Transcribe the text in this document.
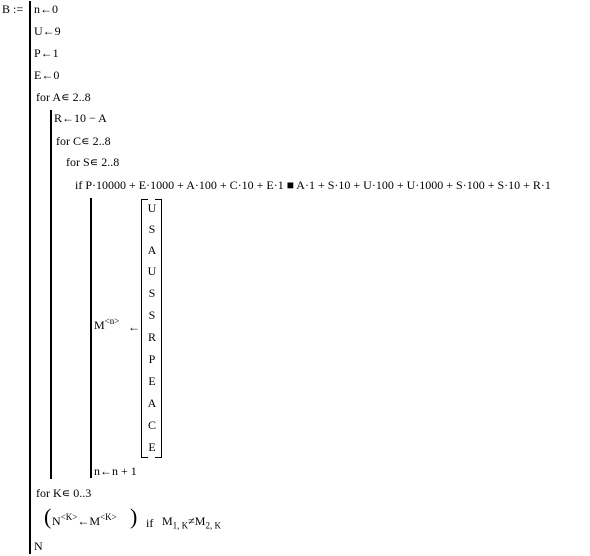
B := n←0
U←9
P←1
E←0
for A∊ 2..8
R←10 − A
for C∊ 2..8
for S∊ 2..8
if P·10000 + E·1000 + A·100 + C·10 + E·1 ■ A·1 + S·10 + U·100 + U·1000 + S·100 + S·10 + R·1
$M^{<n>}$ ←
U
S
A
U
S
S
R
P
E
A
C
E
n←n + 1
for K∊ 0..3
( $N^{<K>}\leftarrow M^{<K>}$ ) if $M_{1, K}\ne M_{2, K}$
N
